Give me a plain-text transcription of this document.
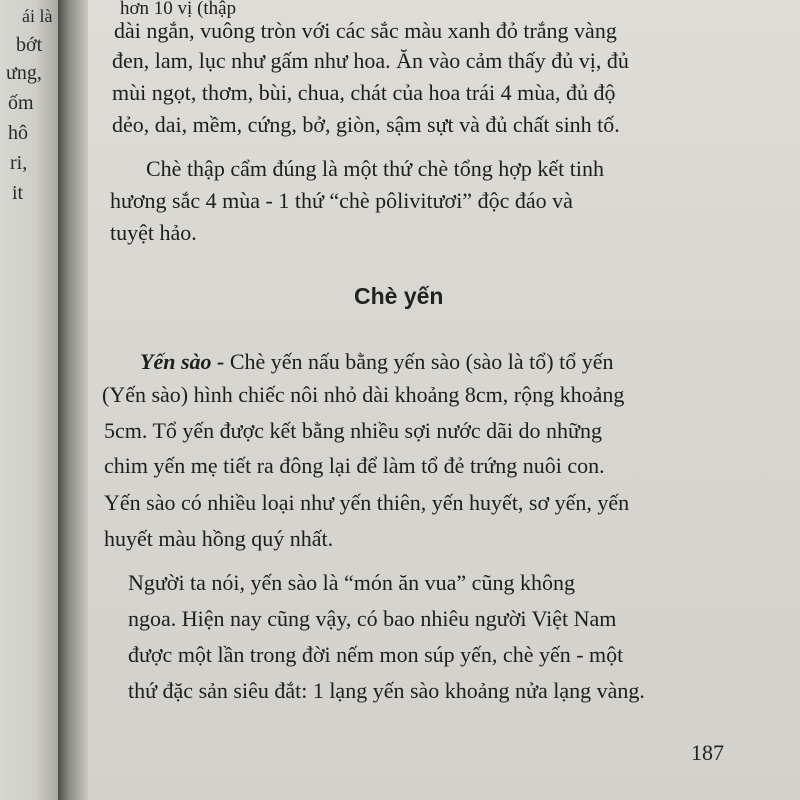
ái là
bớt
ưng,
ốm
hô
ri,
it
hơn 10 vị (thập
dài ngắn, vuông tròn với các sắc màu xanh đỏ trắng vàng
đen, lam, lục như gấm như hoa. Ăn vào cảm thấy đủ vị, đủ
mùi ngọt, thơm, bùi, chua, chát của hoa trái 4 mùa, đủ độ
dẻo, dai, mềm, cứng, bở, giòn, sậm sựt và đủ chất sinh tố.
Chè thập cẩm đúng là một thứ chè tổng hợp kết tinh
hương sắc 4 mùa - 1 thứ “chè pôlivitươi” độc đáo và
tuyệt hảo.
Chè yến
Yến sào - Chè yến nấu bằng yến sào (sào là tổ) tổ yến
(Yến sào) hình chiếc nôi nhỏ dài khoảng 8cm, rộng khoảng
5cm. Tổ yến được kết bằng nhiều sợi nước dãi do những
chim yến mẹ tiết ra đông lại để làm tổ đẻ trứng nuôi con.
Yến sào có nhiều loại như yến thiên, yến huyết, sơ yến, yến
huyết màu hồng quý nhất.
Người ta nói, yến sào là “món ăn vua” cũng không
ngoa. Hiện nay cũng vậy, có bao nhiêu người Việt Nam
được một lần trong đời nếm mon súp yến, chè yến - một
thứ đặc sản siêu đắt: 1 lạng yến sào khoảng nửa lạng vàng.
187
